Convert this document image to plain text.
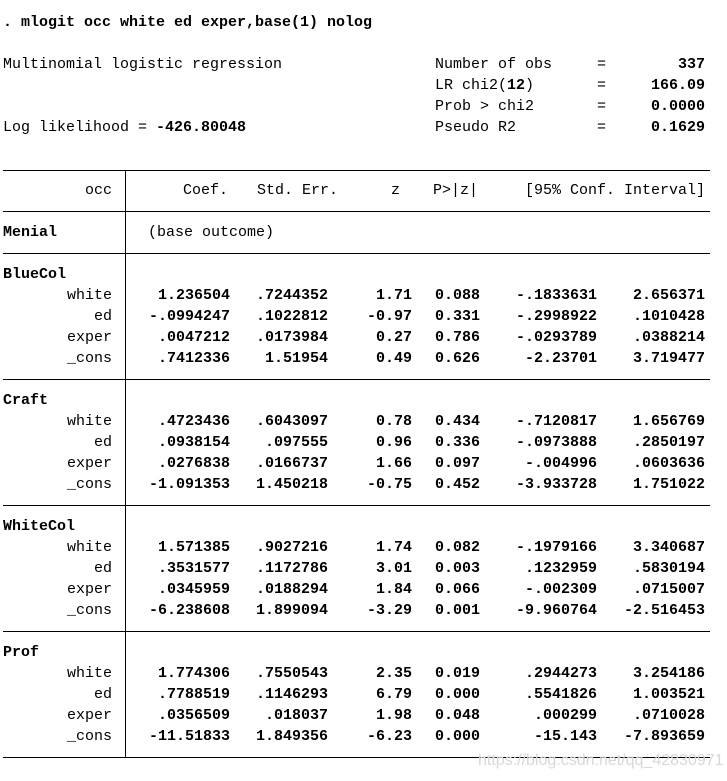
. mlogit occ white ed exper,base(1) nolog
Multinomial logistic regression
Log likelihood = -426.80048
Number of obs	=	337
LR chi2(12)	=	166.09
Prob > chi2	=	0.0000
Pseudo R2	=	0.1629
occ	Coef.	Std. Err.	z	P>|z|	[95% Conf. Interval]
Menial	(base outcome)
BlueCol
white	1.236504	.7244352	1.71	0.088	-.1833631	2.656371
ed	-.0994247	.1022812	-0.97	0.331	-.2998922	.1010428
exper	.0047212	.0173984	0.27	0.786	-.0293789	.0388214
_cons	.7412336	1.51954	0.49	0.626	-2.23701	3.719477
Craft
white	.4723436	.6043097	0.78	0.434	-.7120817	1.656769
ed	.0938154	.097555	0.96	0.336	-.0973888	.2850197
exper	.0276838	.0166737	1.66	0.097	-.004996	.0603636
_cons	-1.091353	1.450218	-0.75	0.452	-3.933728	1.751022
WhiteCol
white	1.571385	.9027216	1.74	0.082	-.1979166	3.340687
ed	.3531577	.1172786	3.01	0.003	.1232959	.5830194
exper	.0345959	.0188294	1.84	0.066	-.002309	.0715007
_cons	-6.238608	1.899094	-3.29	0.001	-9.960764	-2.516453
Prof
white	1.774306	.7550543	2.35	0.019	.2944273	3.254186
ed	.7788519	.1146293	6.79	0.000	.5541826	1.003521
exper	.0356509	.018037	1.98	0.048	.000299	.0710028
_cons	-11.51833	1.849356	-6.23	0.000	-15.143	-7.893659
https://blog.csdn.net/qq_42830971
